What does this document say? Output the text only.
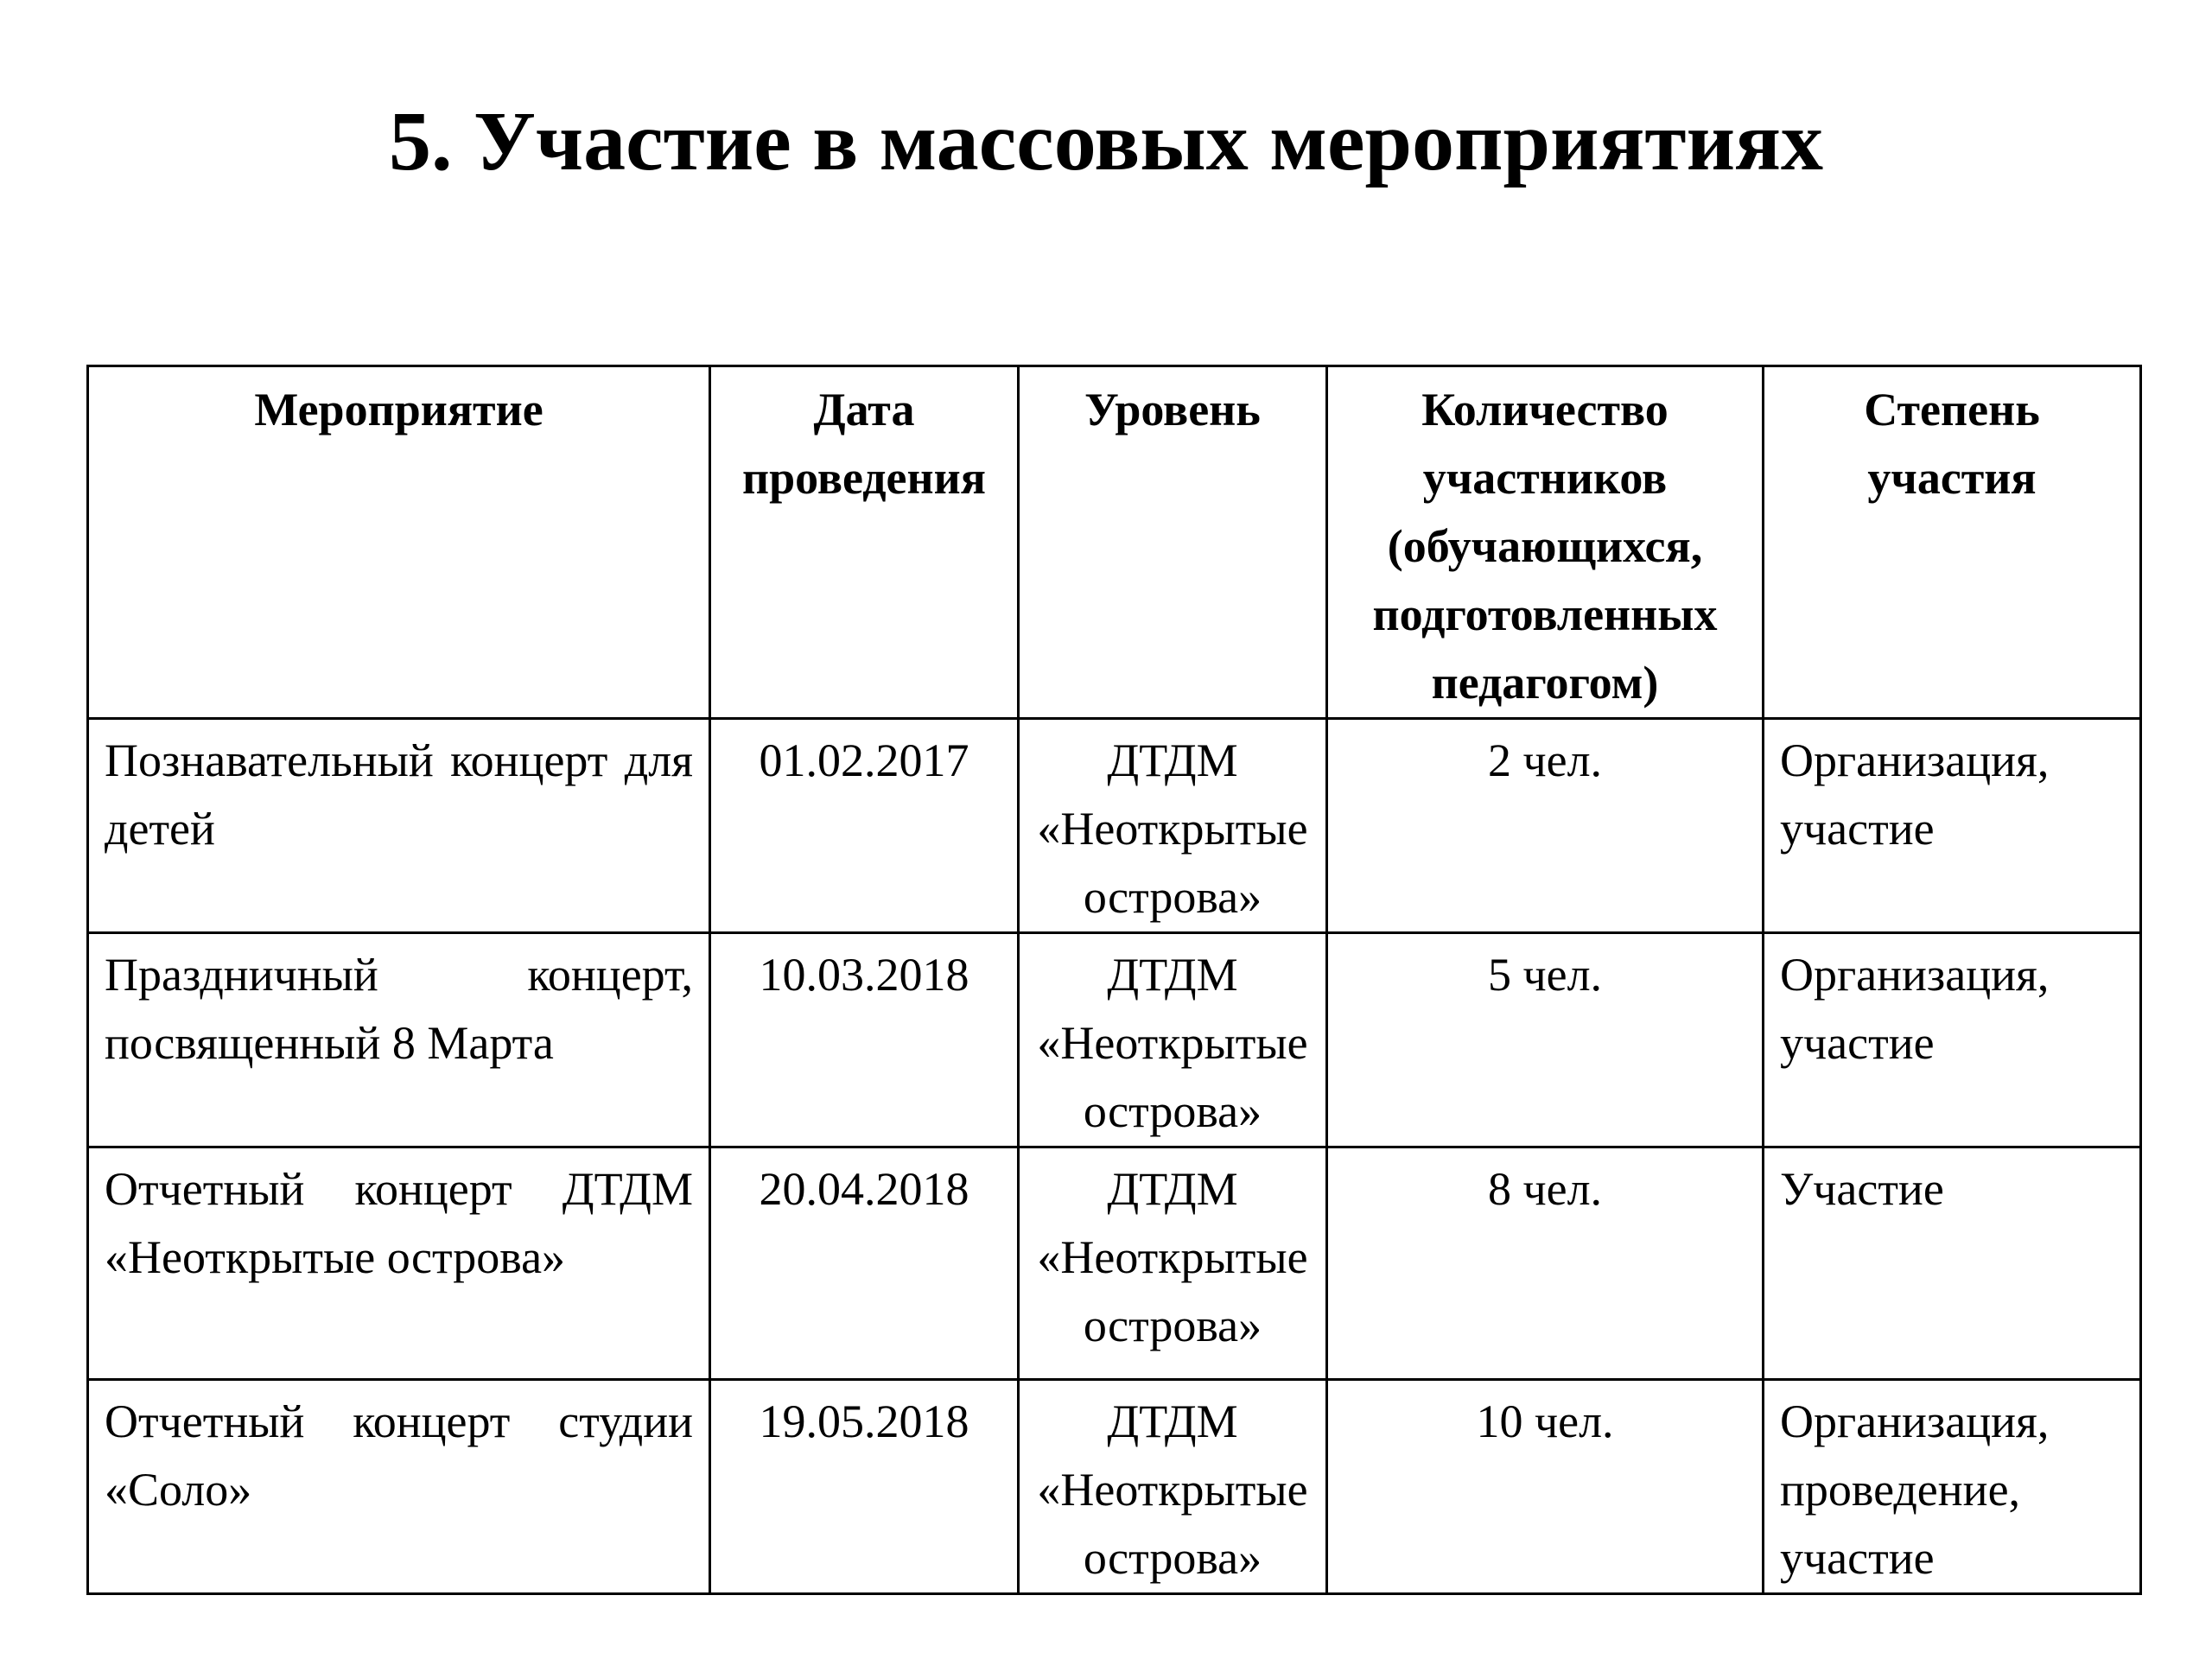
5. Участие в массовых мероприятиях
Мероприятие	Дата проведения	Уровень	Количество участников (обучающихся, подготовленных педагогом)	Степень участия
Познавательный концерт для детей	01.02.2017	ДТДМ «Неоткрытые острова»	2 чел.	Организация, участие
Праздничный концерт, посвященный 8 Марта	10.03.2018	ДТДМ «Неоткрытые острова»	5 чел.	Организация, участие
Отчетный концерт ДТДМ «Неоткрытые острова»	20.04.2018	ДТДМ «Неоткрытые острова»	8 чел.	Участие
Отчетный концерт студии «Соло»	19.05.2018	ДТДМ «Неоткрытые острова»	10 чел.	Организация, проведение, участие
